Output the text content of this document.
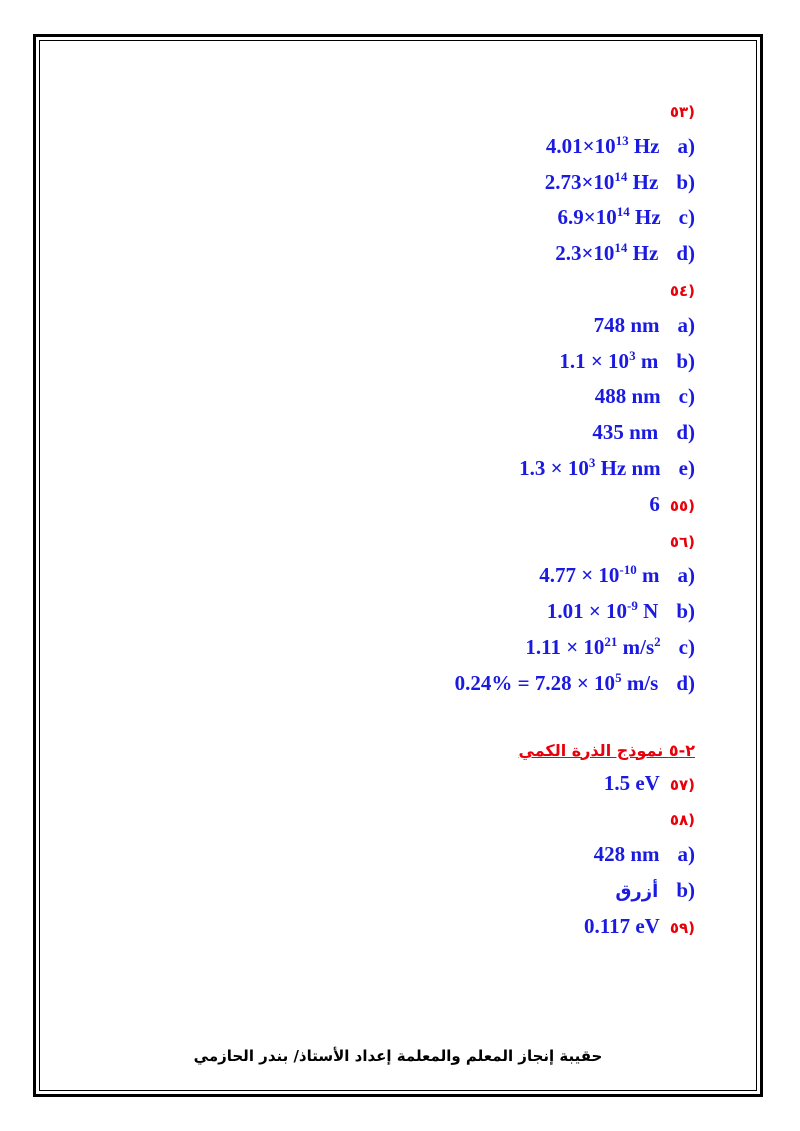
(٥٣
($a4.01\times 10^{13}$ Hz
($b2.73\times 10^{14}$ Hz
($c6.9\times 10^{14}$ Hz
($d2.3\times 10^{14}$ Hz
(٥٤
(a748 nm
($b1.1 \times 10^3$ m
(c488 nm
(d435 nm
($e1.3 \times 10^3$ Hz nm
(٥٥6
(٥٦
($a4.77 \times 10^{-10}$ m
($b1.01 \times 10^{-9}$ N
($c1.11 \times 10^{21}$ $m/s^2$
($d0.24\% = 7.28 \times 10^5$ m/s
٢-٥ نموذج الذرة الكمي
(٥٧1.5 eV
(٥٨
(a428 nm
(bأزرق
(٥٩0.117 eV
حقيبة إنجاز المعلم والمعلمة إعداد الأستاذ/ بندر الحازمي
